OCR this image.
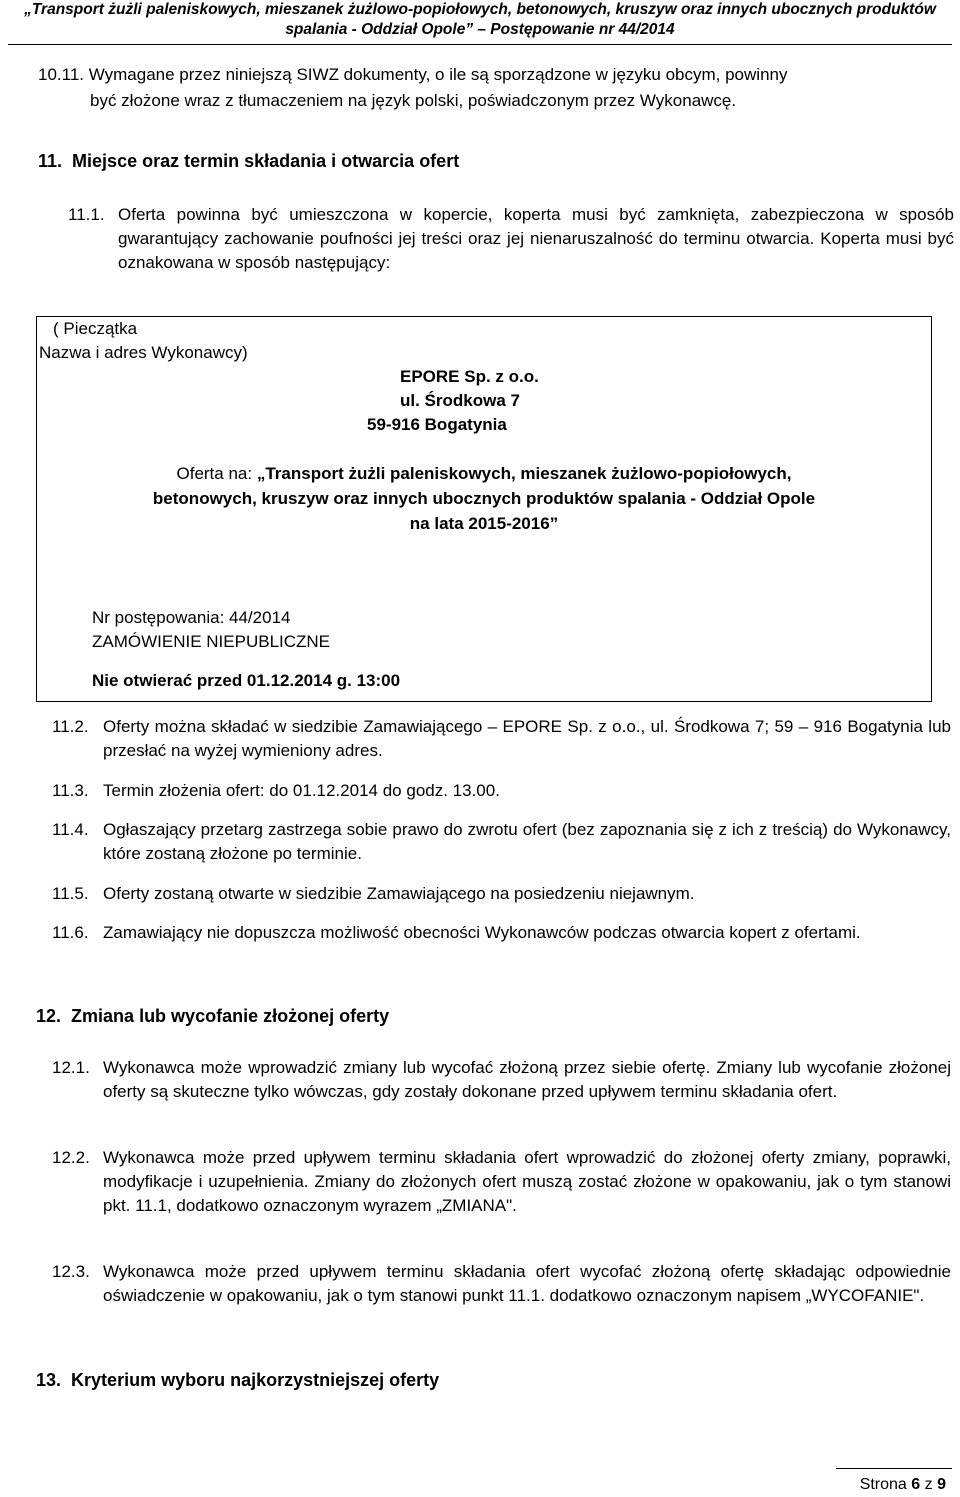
„Transport żużli paleniskowych, mieszanek żużlowo-popiołowych, betonowych, kruszyw oraz innych ubocznych produktów
spalania - Oddział Opole” – Postępowanie nr 44/2014
10.11. Wymagane przez niniejszą SIWZ dokumenty, o ile są sporządzone w języku obcym, powinny
być złożone wraz z tłumaczeniem na język polski, poświadczonym przez Wykonawcę.
11. Miejsce oraz termin składania i otwarcia ofert
11.1. Oferta powinna być umieszczona w kopercie, koperta musi być zamknięta, zabezpieczona w sposób gwarantujący zachowanie poufności jej treści oraz jej nienaruszalność do terminu otwarcia. Koperta musi być oznakowana w sposób następujący:
( Pieczątka
Nazwa i adres Wykonawcy)
EPORE Sp. z o.o.
ul. Środkowa 7
59-916 Bogatynia
Oferta na: „Transport żużli paleniskowych, mieszanek żużlowo-popiołowych,
betonowych, kruszyw oraz innych ubocznych produktów spalania - Oddział Opole
na lata 2015-2016”
Nr postępowania: 44/2014
ZAMÓWIENIE NIEPUBLICZNE
Nie otwierać przed 01.12.2014 g. 13:00
11.2. Oferty można składać w siedzibie Zamawiającego – EPORE Sp. z o.o., ul. Środkowa 7; 59 – 916 Bogatynia lub przesłać na wyżej wymieniony adres.
11.3. Termin złożenia ofert: do 01.12.2014 do godz. 13.00.
11.4. Ogłaszający przetarg zastrzega sobie prawo do zwrotu ofert (bez zapoznania się z ich z treścią) do Wykonawcy, które zostaną złożone po terminie.
11.5. Oferty zostaną otwarte w siedzibie Zamawiającego na posiedzeniu niejawnym.
11.6. Zamawiający nie dopuszcza możliwość obecności Wykonawców podczas otwarcia kopert z ofertami.
12. Zmiana lub wycofanie złożonej oferty
12.1. Wykonawca może wprowadzić zmiany lub wycofać złożoną przez siebie ofertę. Zmiany lub wycofanie złożonej oferty są skuteczne tylko wówczas, gdy zostały dokonane przed upływem terminu składania ofert.
12.2. Wykonawca może przed upływem terminu składania ofert wprowadzić do złożonej oferty zmiany, poprawki, modyfikacje i uzupełnienia. Zmiany do złożonych ofert muszą zostać złożone w opakowaniu, jak o tym stanowi pkt. 11.1, dodatkowo oznaczonym wyrazem „ZMIANA".
12.3. Wykonawca może przed upływem terminu składania ofert wycofać złożoną ofertę składając odpowiednie oświadczenie w opakowaniu, jak o tym stanowi punkt 11.1. dodatkowo oznaczonym napisem „WYCOFANIE".
13. Kryterium wyboru najkorzystniejszej oferty
Strona 6 z 9
